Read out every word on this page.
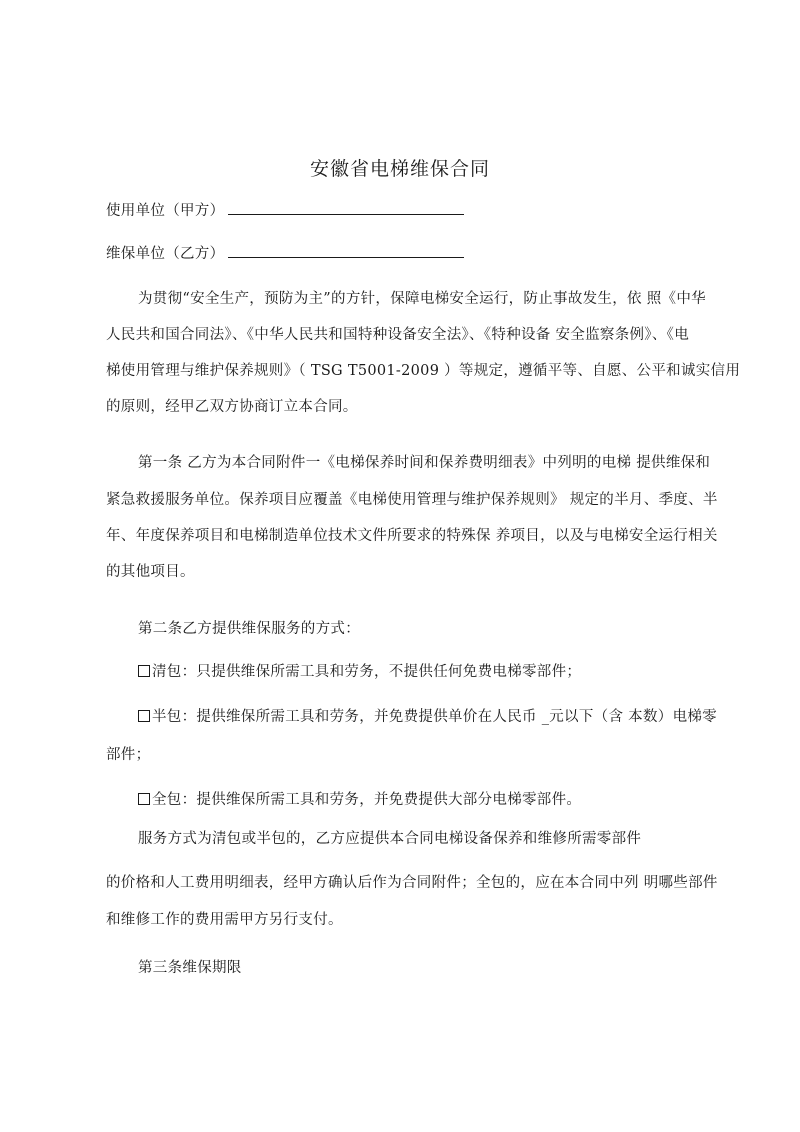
安徽省电梯维保合同
使用单位（甲方）
维保单位（乙方）
为贯彻“安全生产，预防为主”的方针，保障电梯安全运行，防止事故发生，依 照《中华
人民共和国合同法》、《中华人民共和国特种设备安全法》、《特种设备 安全监察条例》、《电
梯使用管理与维护保养规则》（ TSG T5001-2009 ）等规定，遵循平等、自愿、公平和诚实信用
的原则，经甲乙双方协商订立本合同。
第一条 乙方为本合同附件一《电梯保养时间和保养费明细表》中列明的电梯 提供维保和
紧急救援服务单位。保养项目应覆盖《电梯使用管理与维护保养规则》 规定的半月、季度、半
年、年度保养项目和电梯制造单位技术文件所要求的特殊保 养项目，以及与电梯安全运行相关
的其他项目。
第二条乙方提供维保服务的方式：
清包：只提供维保所需工具和劳务，不提供任何免费电梯零部件；
半包：提供维保所需工具和劳务，并免费提供单价在人民币 _元以下（含 本数）电梯零
部件；
全包：提供维保所需工具和劳务，并免费提供大部分电梯零部件。
服务方式为清包或半包的，乙方应提供本合同电梯设备保养和维修所需零部件
的价格和人工费用明细表，经甲方确认后作为合同附件；全包的，应在本合同中列 明哪些部件
和维修工作的费用需甲方另行支付。
第三条维保期限
